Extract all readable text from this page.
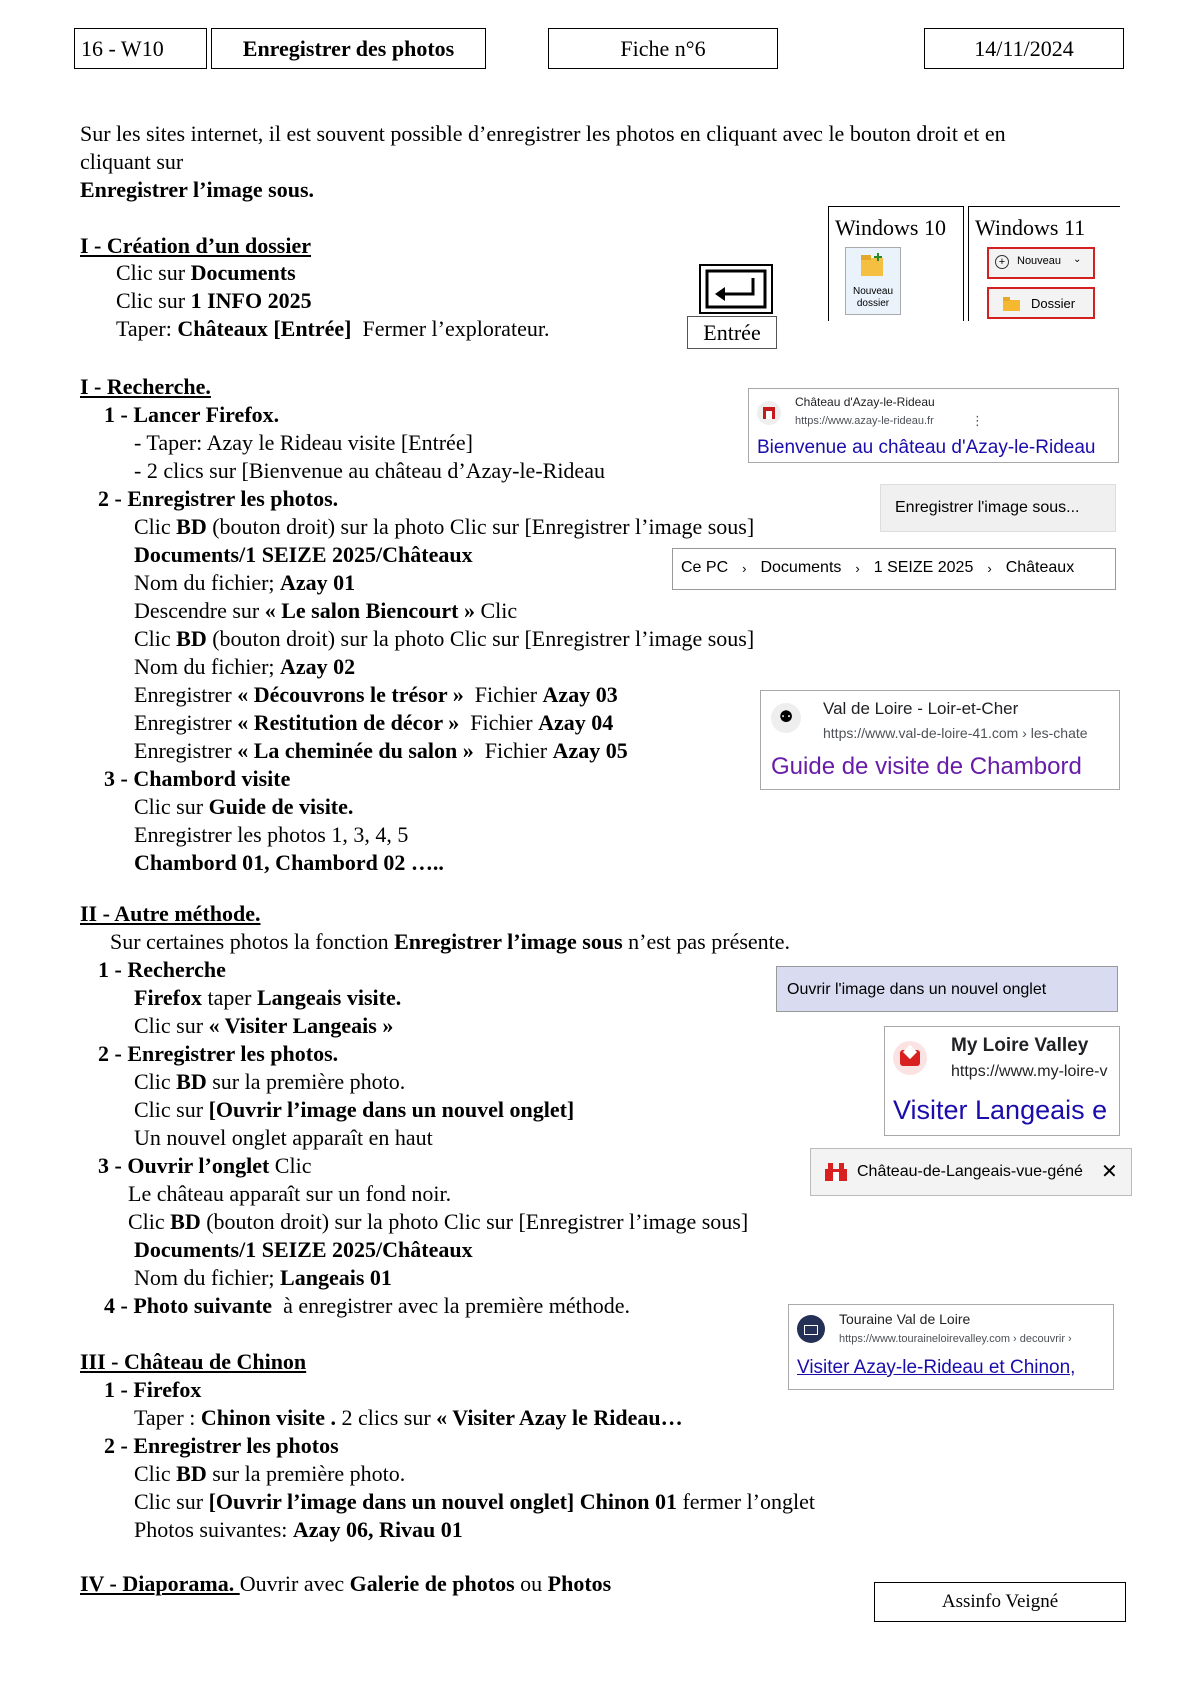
16 - W10	Enregistrer des photos	Fiche n°6	14/11/2024
Sur les sites internet, il est souvent possible d’enregistrer les photos en cliquant avec le bouton droit et en
cliquant sur
Enregistrer l’image sous.
I - Création d’un dossier
Clic sur Documents
Clic sur 1 INFO 2025
Taper: Châteaux [Entrée]  Fermer l’explorateur.	Entrée
Windows 10
Nouveau
dossier
Windows 11
+	Nouveau ⌄
Dossier
I - Recherche.
1 - Lancer Firefox.
- Taper: Azay le Rideau visite [Entrée]
- 2 clics sur [Bienvenue au château d’Azay-le-Rideau
2 - Enregistrer les photos.
Clic BD (bouton droit) sur la photo Clic sur [Enregistrer l’image sous]
Documents/1 SEIZE 2025/Châteaux
Nom du fichier; Azay 01
Descendre sur « Le salon Biencourt » Clic
Clic BD (bouton droit) sur la photo Clic sur [Enregistrer l’image sous]
Nom du fichier; Azay 02
Enregistrer « Découvrons le trésor »  Fichier Azay 03
Enregistrer « Restitution de décor »  Fichier Azay 04
Enregistrer « La cheminée du salon »  Fichier Azay 05
3 - Chambord visite
Clic sur Guide de visite.
Enregistrer les photos 1, 3, 4, 5
Chambord 01, Chambord 02 …..
Château d'Azay-le-Rideau
https://www.azay-le-rideau.fr	⋮
Bienvenue au château d'Azay-le-Rideau
Enregistrer l'image sous...
Ce PC › Documents › 1 SEIZE 2025 › Châteaux
⚉	Val de Loire - Loir-et-Cher
https://www.val-de-loire-41.com › les-chate
Guide de visite de Chambord
II - Autre méthode.
Sur certaines photos la fonction Enregistrer l’image sous n’est pas présente.
1 - Recherche
Firefox taper Langeais visite.
Clic sur « Visiter Langeais »
2 - Enregistrer les photos.
Clic BD sur la première photo.
Clic sur [Ouvrir l’image dans un nouvel onglet]
Un nouvel onglet apparaît en haut
3 - Ouvrir l’onglet Clic
Le château apparaît sur un fond noir.
Clic BD (bouton droit) sur la photo Clic sur [Enregistrer l’image sous]
Documents/1 SEIZE 2025/Châteaux
Nom du fichier; Langeais 01
4 - Photo suivante  à enregistrer avec la première méthode.
Ouvrir l'image dans un nouvel onglet
My Loire Valley
https://www.my-loire-v
Visiter Langeais e
Château-de-Langeais-vue-géné ✕
III - Château de Chinon
1 - Firefox
Taper : Chinon visite . 2 clics sur « Visiter Azay le Rideau…
2 - Enregistrer les photos
Clic BD sur la première photo.
Clic sur [Ouvrir l’image dans un nouvel onglet] Chinon 01 fermer l’onglet
Photos suivantes: Azay 06, Rivau 01
Touraine Val de Loire
https://www.touraineloirevalley.com › decouvrir ›
Visiter Azay-le-Rideau et Chinon,
IV - Diaporama. Ouvrir avec Galerie de photos ou Photos
Assinfo Veigné
